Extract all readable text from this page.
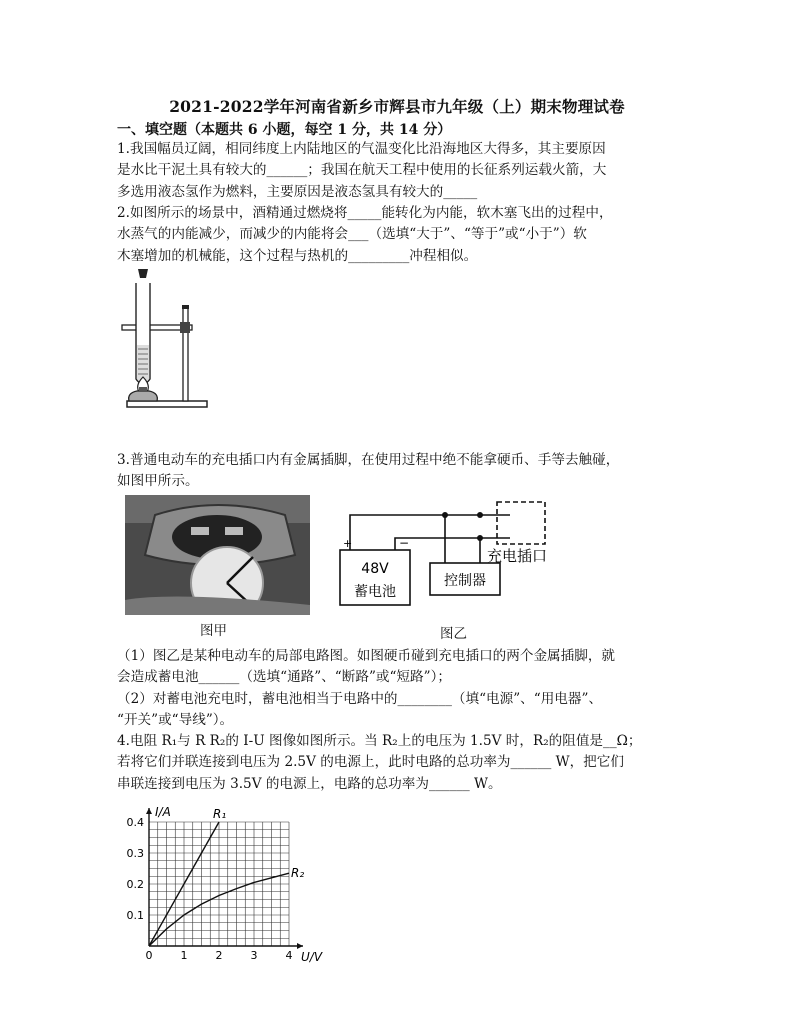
2021-2022学年河南省新乡市辉县市九年级（上）期末物理试卷
一、填空题（本题共 6 小题，每空 1 分，共 14 分）
1.我国幅员辽阔，相同纬度上内陆地区的气温变化比沿海地区大得多，其主要原因
是水比干泥土具有较大的______；我国在航天工程中使用的长征系列运载火箭，大
多选用液态氢作为燃料，主要原因是液态氢具有较大的_____
2.如图所示的场景中，酒精通过燃烧将_____能转化为内能，软木塞飞出的过程中，
水蒸气的内能减少，而减少的内能将会___（选填“大于”、“等于”或“小于”）软
木塞增加的机械能，这个过程与热机的_________冲程相似。
3.普通电动车的充电插口内有金属插脚，在使用过程中绝不能拿硬币、手等去触碰，
如图甲所示。
图甲
+	−
48V
蓄电池
控制器
充电插口
图乙
（1）图乙是某种电动车的局部电路图。如图硬币碰到充电插口的两个金属插脚，就
会造成蓄电池______（选填“通路”、“断路”或“短路”）；
（2）对蓄电池充电时，蓄电池相当于电路中的________（填“电源”、“用电器”、
“开关”或“导线”）。
4.电阻 R₁与 R R₂的 I-U 图像如图所示。当 R₂上的电压为 1.5V 时，R₂的阻值是__Ω；
若将它们并联连接到电压为 2.5V 的电源上，此时电路的总功率为______ W，把它们
串联连接到电压为 3.5V 的电源上，电路的总功率为______ W。
0	1	2	3	4
0.1
0.2
0.3
0.4
I/A
U/V
R₁
R₂
